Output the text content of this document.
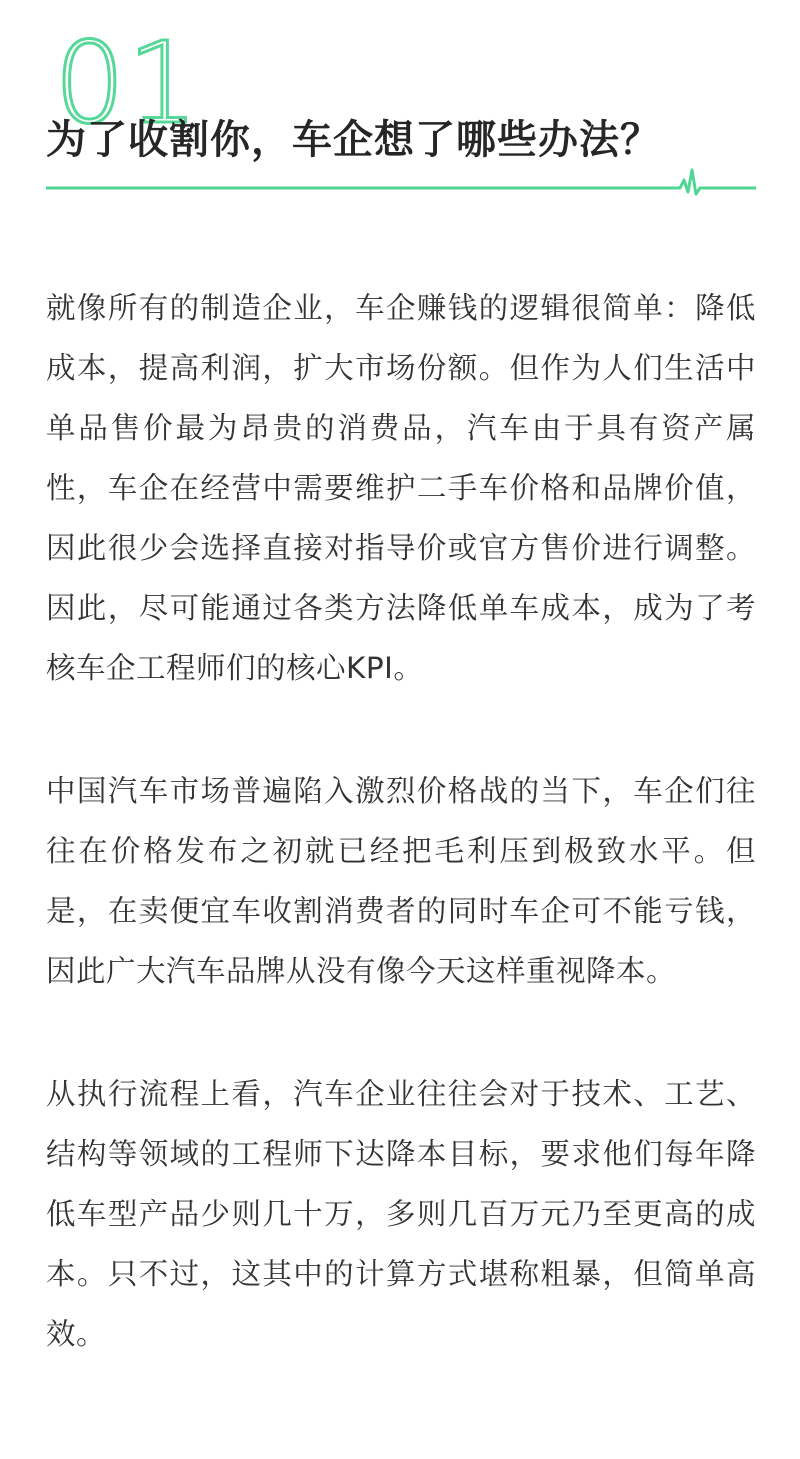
01
为了收割你，车企想了哪些办法？

就像所有的制造企业，车企赚钱的逻辑很简单：降低成本，提高利润，扩大市场份额。但作为人们生活中单品售价最为昂贵的消费品，汽车由于具有资产属性，车企在经营中需要维护二手车价格和品牌价值，因此很少会选择直接对指导价或官方售价进行调整。因此，尽可能通过各类方法降低单车成本，成为了考核车企工程师们的核心KPI。

中国汽车市场普遍陷入激烈价格战的当下，车企们往往在价格发布之初就已经把毛利压到极致水平。但是，在卖便宜车收割消费者的同时车企可不能亏钱，因此广大汽车品牌从没有像今天这样重视降本。

从执行流程上看，汽车企业往往会对于技术、工艺、结构等领域的工程师下达降本目标，要求他们每年降低车型产品少则几十万，多则几百万元乃至更高的成本。只不过，这其中的计算方式堪称粗暴，但简单高效。
